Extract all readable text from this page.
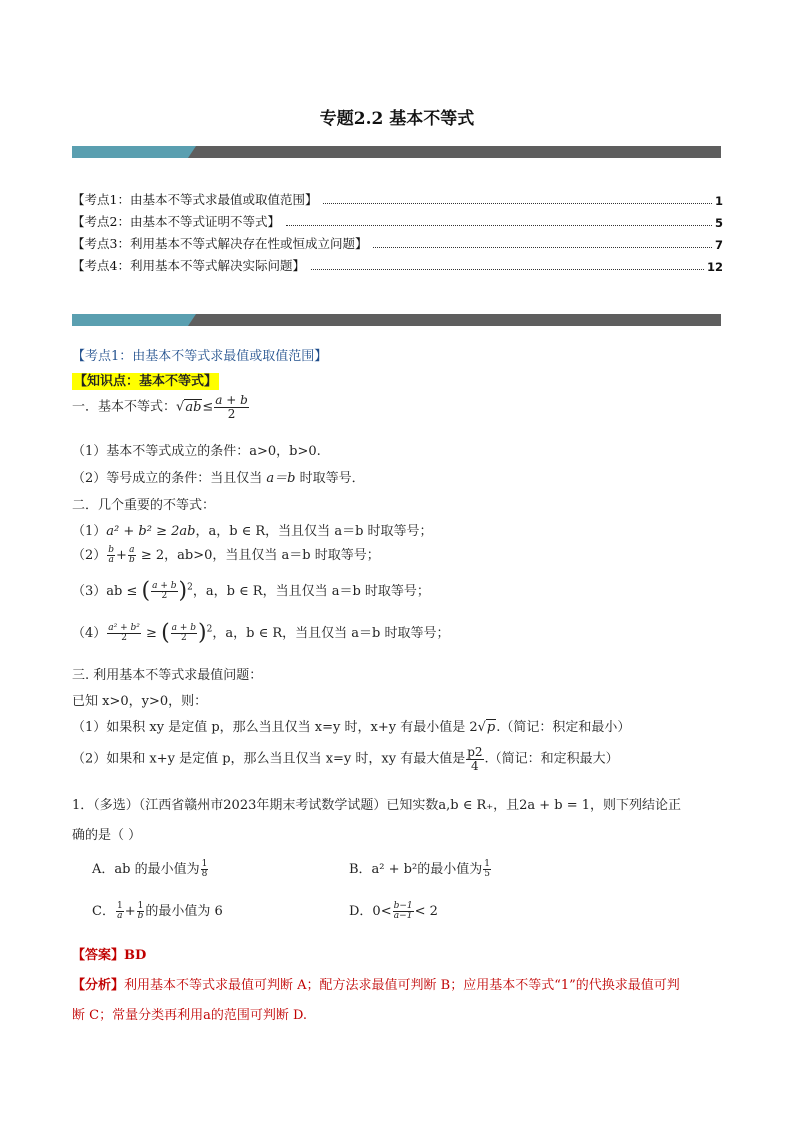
专题2.2 基本不等式
【考点1：由基本不等式求最值或取值范围】	1
【考点2：由基本不等式证明不等式】	5
【考点3：利用基本不等式解决存在性或恒成立问题】	7
【考点4：利用基本不等式解决实际问题】	12
【考点1：由基本不等式求最值或取值范围】
【知识点：基本不等式】
一．基本不等式：$√ab\le \frac{a + b}{2}$
（1）基本不等式成立的条件：a>0，b>0.
（2）等号成立的条件：当且仅当 a＝b 时取等号．
二．几个重要的不等式：
（1）a² + b² ≥ 2ab，a，b ∈ R，当且仅当 a＝b 时取等号；
$(2) \frac{b}{a} + \frac{a}{b} \ge 2$，ab>0，当且仅当 a＝b 时取等号；
（3）ab ≤ ( $\frac{a + b}{2} )^2$，a，b ∈ R，当且仅当 a＝b 时取等号；
$(4) \frac{\text{a² + b²}}{2}$ ≥ ( $\frac{a + b}{2} )^2$，a，b ∈ R，当且仅当 a＝b 时取等号；
三. 利用基本不等式求最值问题：
已知 x>0，y>0，则：
（1）如果积 xy 是定值 p，那么当且仅当 x=y 时，x+y 有最小值是 2√p.（简记：积定和最小）
（2）如果和 x+y 是定值 p，那么当且仅当 x=y 时，xy 有最大值是 $\frac{p2}{4}$ .（简记：和定积最大）
1．（多选）（江西省赣州市2023年期末考试数学试题）已知实数a,b ∈ R₊，且2a + b = 1，则下列结论正
确的是（ ）
A．ab 的最小值为 $\frac{1}{8}$	B．a² + b²的最小值为 $\frac{1}{5}$
C． $\frac{1}{a} + \frac{1}{b}$ 的最小值为 6	D．$0< \frac{b-1}{a-1} < 2$
【答案】BD
【分析】利用基本不等式求最值可判断 A；配方法求最值可判断 B；应用基本不等式“1”的代换求最值可判
断 C；常量分类再利用a的范围可判断 D.
